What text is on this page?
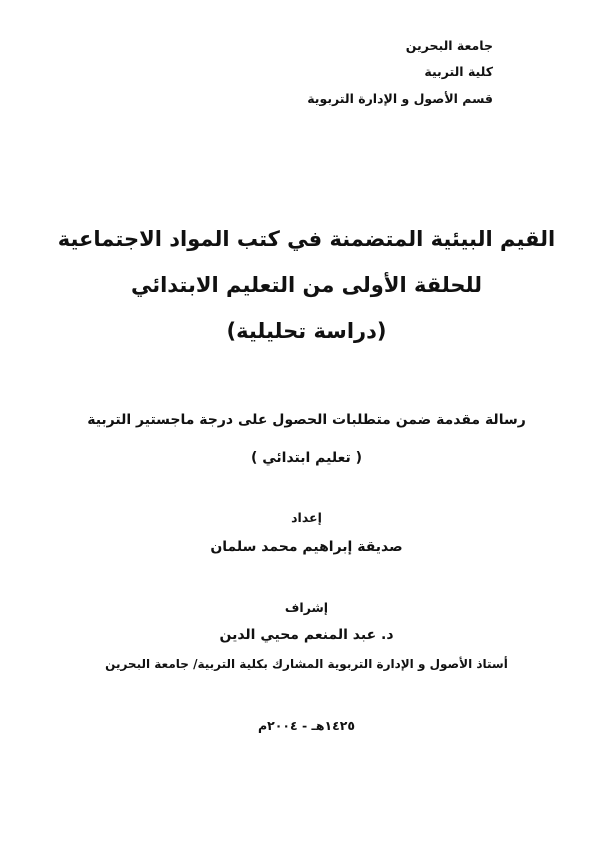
جامعة البحرين
كلية التربية
قسم الأصول و الإدارة التربوية
القيم البيئية المتضمنة في كتب المواد الاجتماعية
للحلقة الأولى من التعليم الابتدائي
(دراسة تحليلية)
رسالة مقدمة ضمن متطلبات الحصول على درجة ماجستير التربية
( تعليم ابتدائي )
إعداد
صديقة إبراهيم محمد سلمان
إشراف
د. عبد المنعم محيي الدين
أستاذ الأصول و الإدارة التربوية المشارك بكلية التربية/ جامعة البحرين
١٤٢٥هـ - ٢٠٠٤م
